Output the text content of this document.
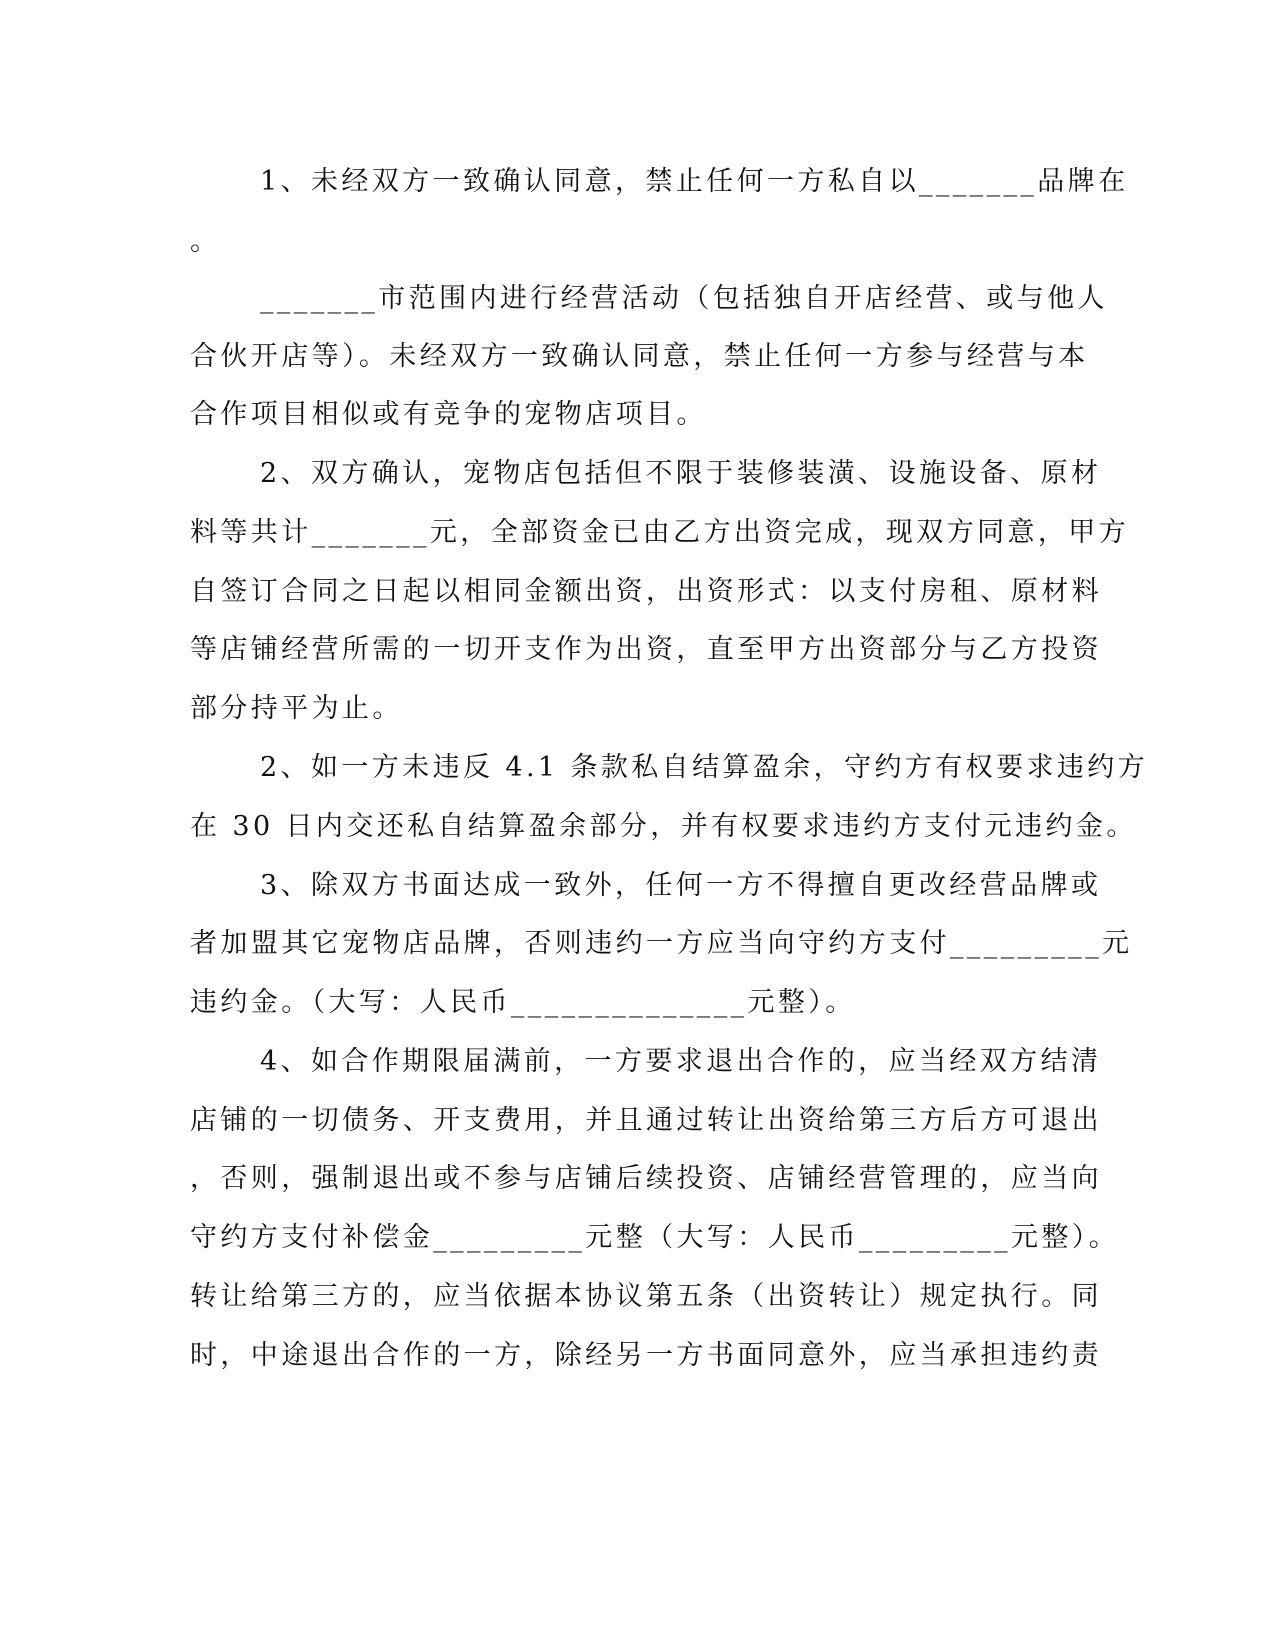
1、未经双方一致确认同意，禁止任何一方私自以_______品牌在
。
_______市范围内进行经营活动（包括独自开店经营、或与他人
合伙开店等）。未经双方一致确认同意，禁止任何一方参与经营与本
合作项目相似或有竞争的宠物店项目。
2、双方确认，宠物店包括但不限于装修装潢、设施设备、原材
料等共计_______元，全部资金已由乙方出资完成，现双方同意，甲方
自签订合同之日起以相同金额出资，出资形式：以支付房租、原材料
等店铺经营所需的一切开支作为出资，直至甲方出资部分与乙方投资
部分持平为止。
2、如一方未违反 4.1 条款私自结算盈余，守约方有权要求违约方
在 30 日内交还私自结算盈余部分，并有权要求违约方支付元违约金。
3、除双方书面达成一致外，任何一方不得擅自更改经营品牌或
者加盟其它宠物店品牌，否则违约一方应当向守约方支付_________元
违约金。（大写：人民币______________元整）。
4、如合作期限届满前，一方要求退出合作的，应当经双方结清
店铺的一切债务、开支费用，并且通过转让出资给第三方后方可退出
，否则，强制退出或不参与店铺后续投资、店铺经营管理的，应当向
守约方支付补偿金_________元整（大写：人民币_________元整）。
转让给第三方的，应当依据本协议第五条（出资转让）规定执行。同
时，中途退出合作的一方，除经另一方书面同意外，应当承担违约责
